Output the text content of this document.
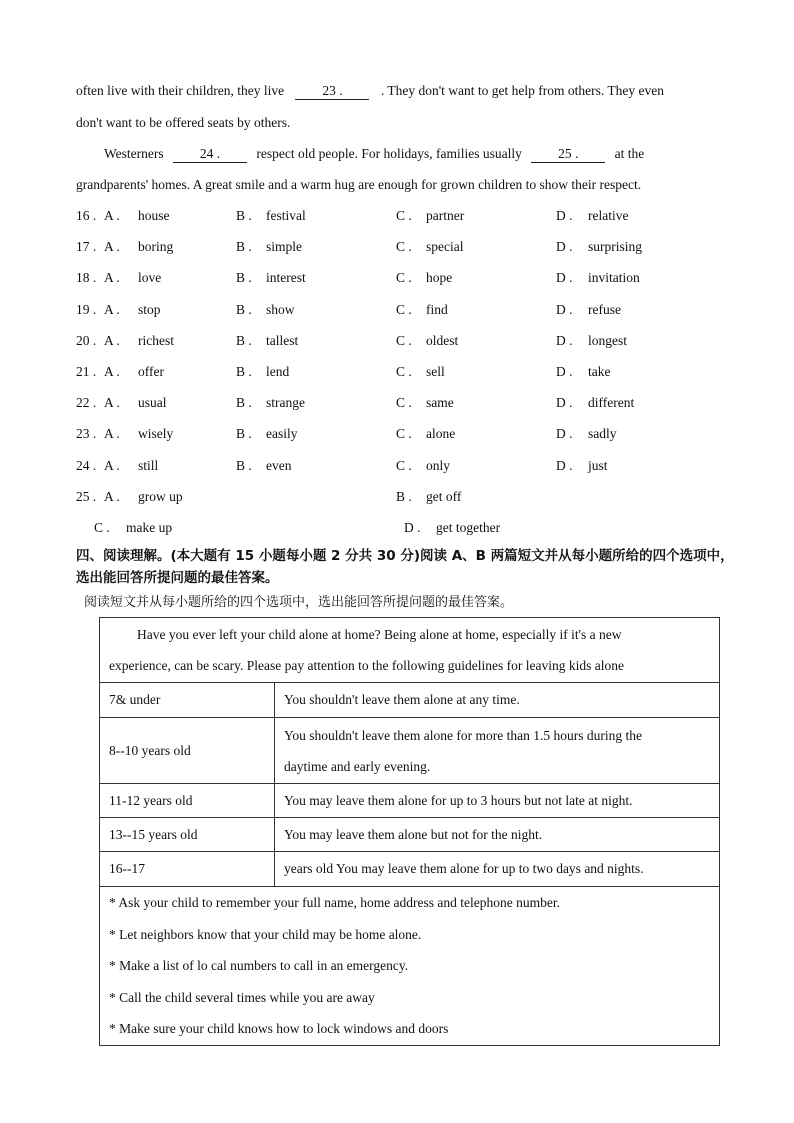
often live with their children, they live	23 .	. They don't want to get help from others. They even
don't want to be offered seats by others.
Westerners	24 .	respect old people. For holidays, families usually	25 .	at the
grandparents' homes. A great smile and a warm hug are enough for grown children to show their respect.
16 . A . house	B . festival	C . partner	D . relative
17 . A . boring	B . simple	C . special	D . surprising
18 . A . love	B . interest	C . hope	D . invitation
19 . A . stop	B . show	C . find	D . refuse
20 . A . richest	B . tallest	C . oldest	D . longest
21 . A . offer	B . lend	C . sell	D . take
22 . A . usual	B . strange	C . same	D . different
23 . A . wisely	B . easily	C . alone	D . sadly
24 . A . still	B . even	C . only	D . just
25 . A . grow up	B . get off
C . make up	D . get together
四、阅读理解。(本大题有 15 小题每小题 2 分共 30 分)阅读 A、B 两篇短文并从每小题所给的四个选项中， 选出能回答所提问题的最佳答案。
阅读短文并从每小题所给的四个选项中，选出能回答所提问题的最佳答案。
Have you ever left your child alone at home? Being alone at home, especially if it's a new
experience, can be scary. Please pay attention to the following guidelines for leaving kids alone	

7& under	You shouldn't leave them alone at any time.
8--10 years old	You shouldn't leave them alone for more than 1.5 hours during the
daytime and early evening.

11-12 years old	You may leave them alone for up to 3 hours but not late at night.
13--15 years old	You may leave them alone but not for the night.
16--17	years old You may leave them alone for up to two days and nights.

* Ask your child to remember your full name, home address and telephone number.
* Let neighbors know that your child may be home alone.
* Make a list of lo cal numbers to call in an emergency.
* Call the child several times while you are away
* Make sure your child knows how to lock windows and doors	
